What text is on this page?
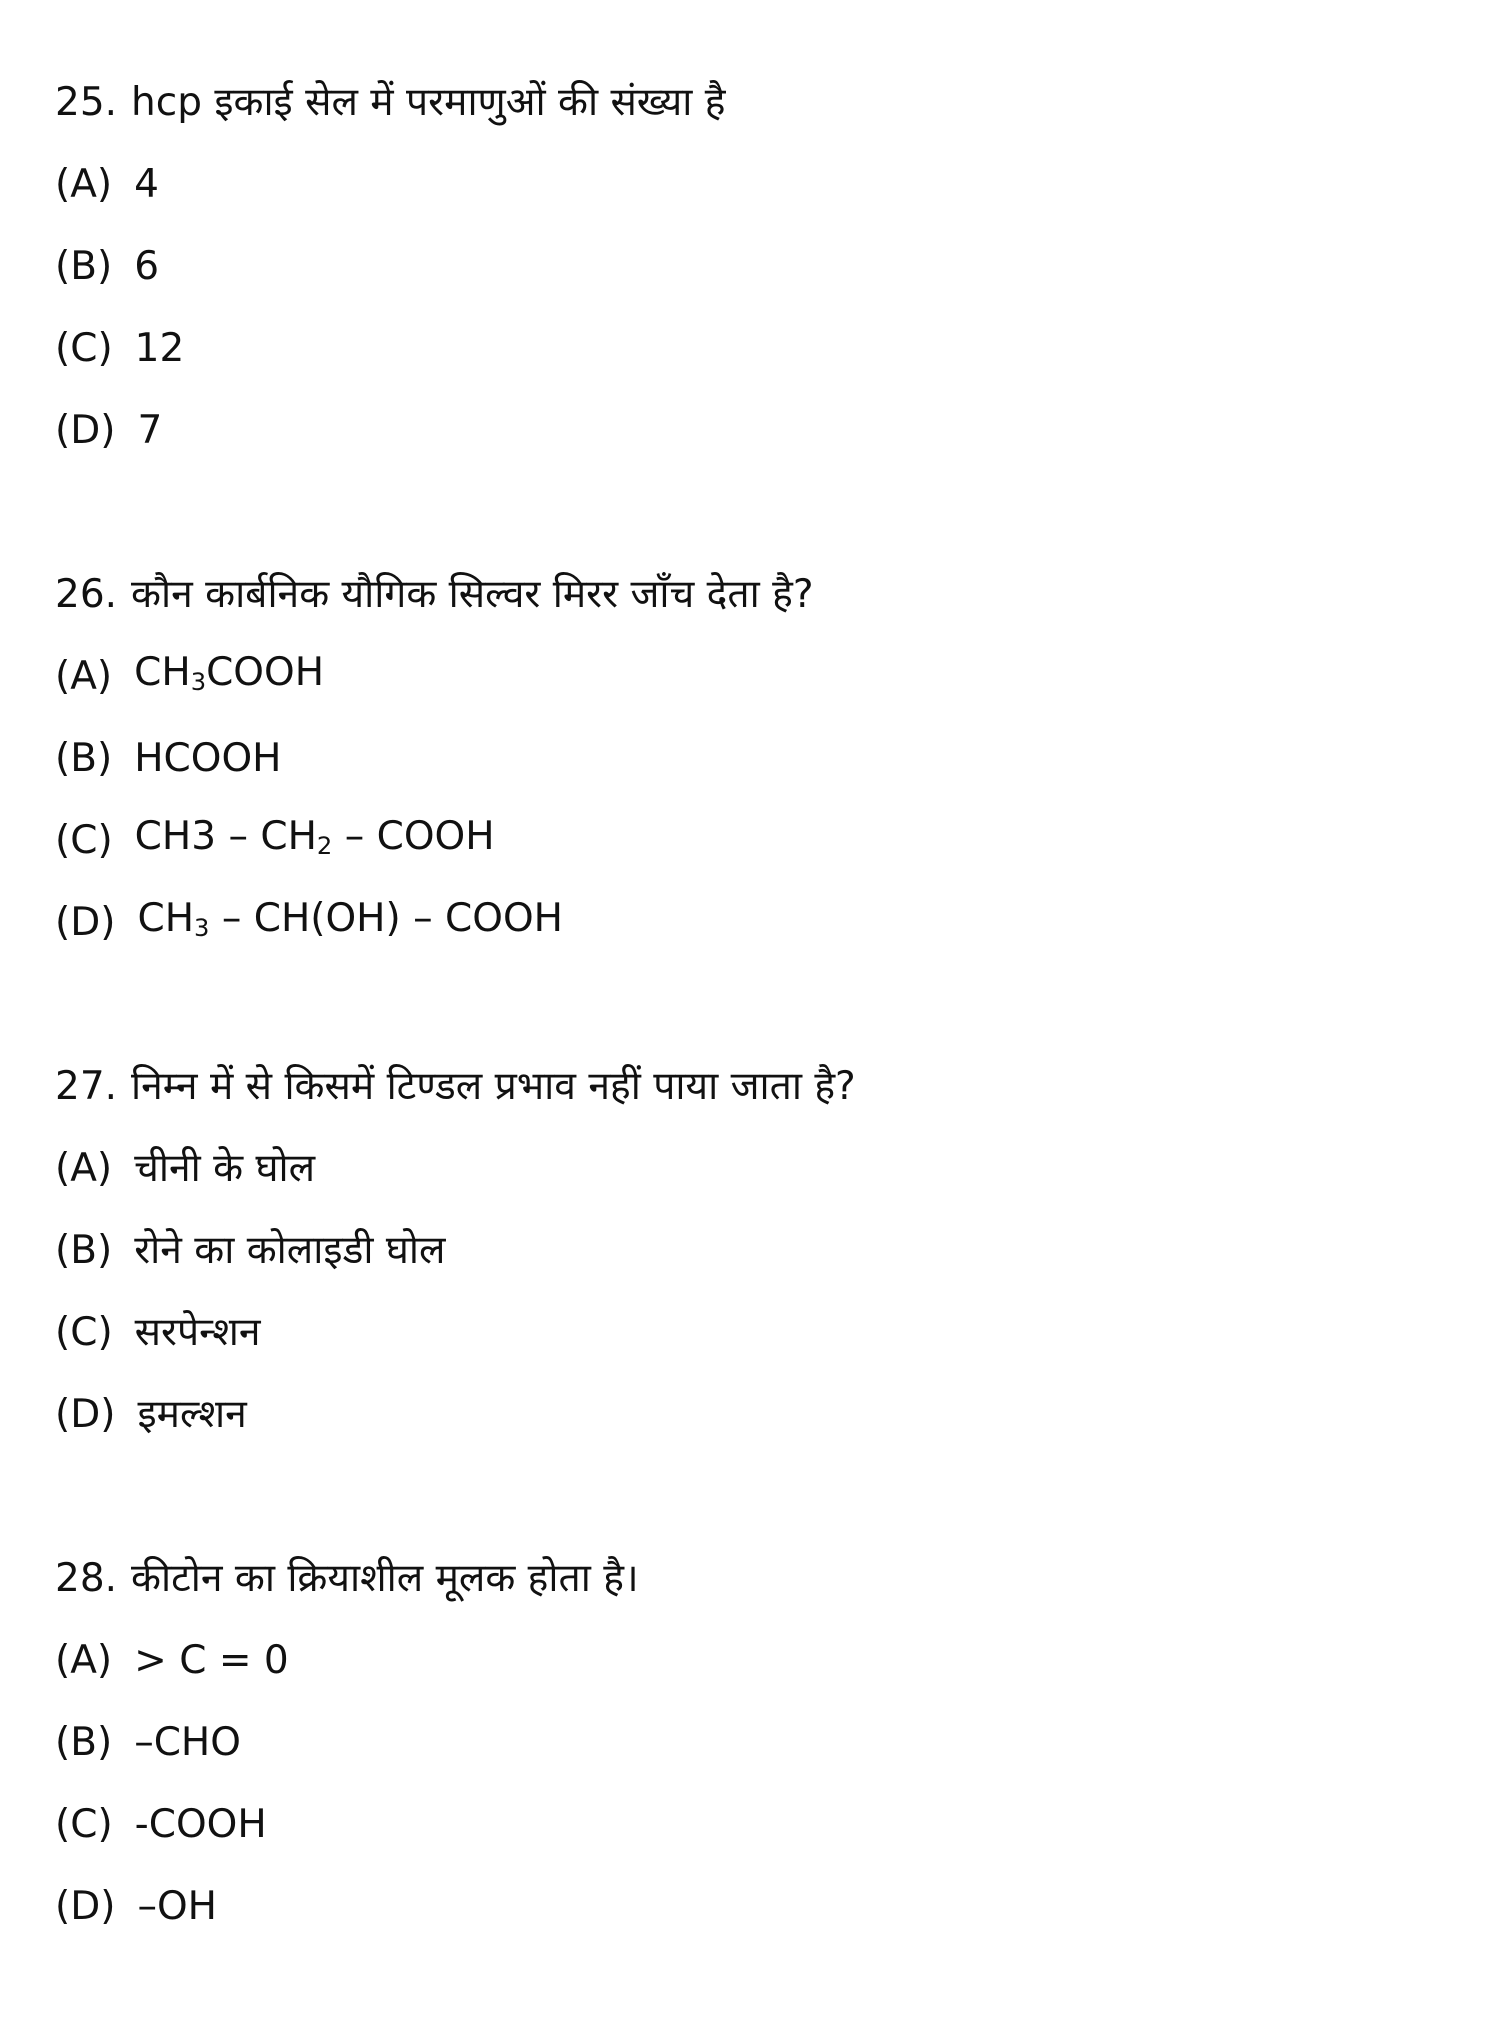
25. hcp इकाई सेल में परमाणुओं की संख्या है
(A) 4
(B) 6
(C) 12
(D) 7
26. कौन कार्बनिक यौगिक सिल्वर मिरर जाँच देता है?
(A) $CH_3COOH$
(B) HCOOH
(C) $CH3 - CH_2$ – COOH
(D) $CH_3 - CH(OH)$ – COOH
27. निम्न में से किसमें टिण्डल प्रभाव नहीं पाया जाता है?
(A) चीनी के घोल
(B) रोने का कोलाइडी घोल
(C) सरपेन्शन
(D) इमल्शन
28. कीटोन का क्रियाशील मूलक होता है।
(A) > C = 0
(B) –CHO
(C) -COOH
(D) –OH
